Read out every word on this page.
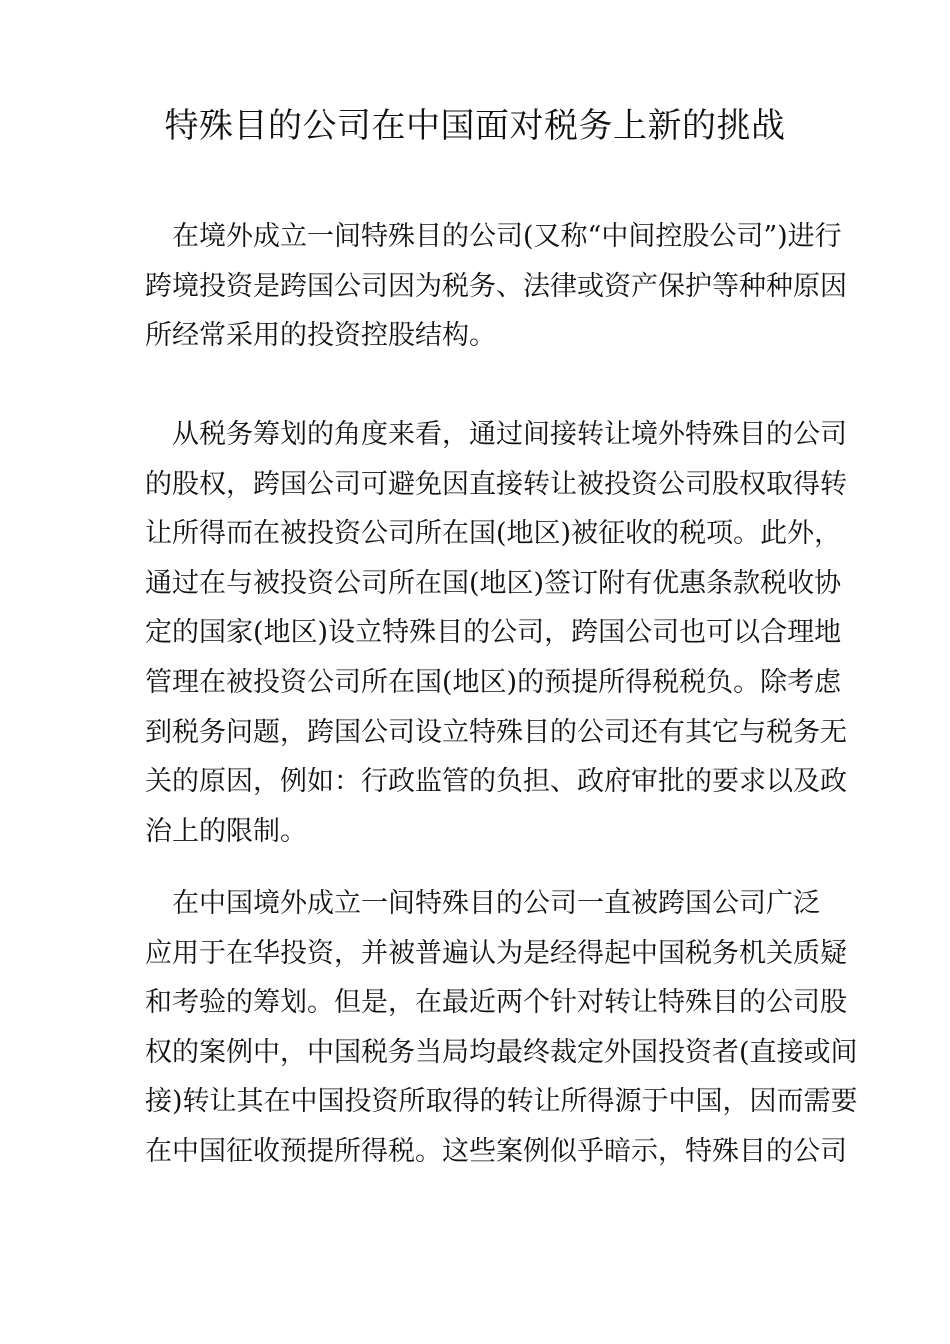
特殊目的公司在中国面对税务上新的挑战
　在境外成立一间特殊目的公司(又称“中间控股公司”)进行
跨境投资是跨国公司因为税务、法律或资产保护等种种原因
所经常采用的投资控股结构。
　从税务筹划的角度来看，通过间接转让境外特殊目的公司
的股权，跨国公司可避免因直接转让被投资公司股权取得转
让所得而在被投资公司所在国(地区)被征收的税项。此外，
通过在与被投资公司所在国(地区)签订附有优惠条款税收协
定的国家(地区)设立特殊目的公司，跨国公司也可以合理地
管理在被投资公司所在国(地区)的预提所得税税负。除考虑
到税务问题，跨国公司设立特殊目的公司还有其它与税务无
关的原因，例如：行政监管的负担、政府审批的要求以及政
治上的限制。
　在中国境外成立一间特殊目的公司一直被跨国公司广泛
应用于在华投资，并被普遍认为是经得起中国税务机关质疑
和考验的筹划。但是，在最近两个针对转让特殊目的公司股
权的案例中，中国税务当局均最终裁定外国投资者(直接或间
接)转让其在中国投资所取得的转让所得源于中国，因而需要
在中国征收预提所得税。这些案例似乎暗示，特殊目的公司
